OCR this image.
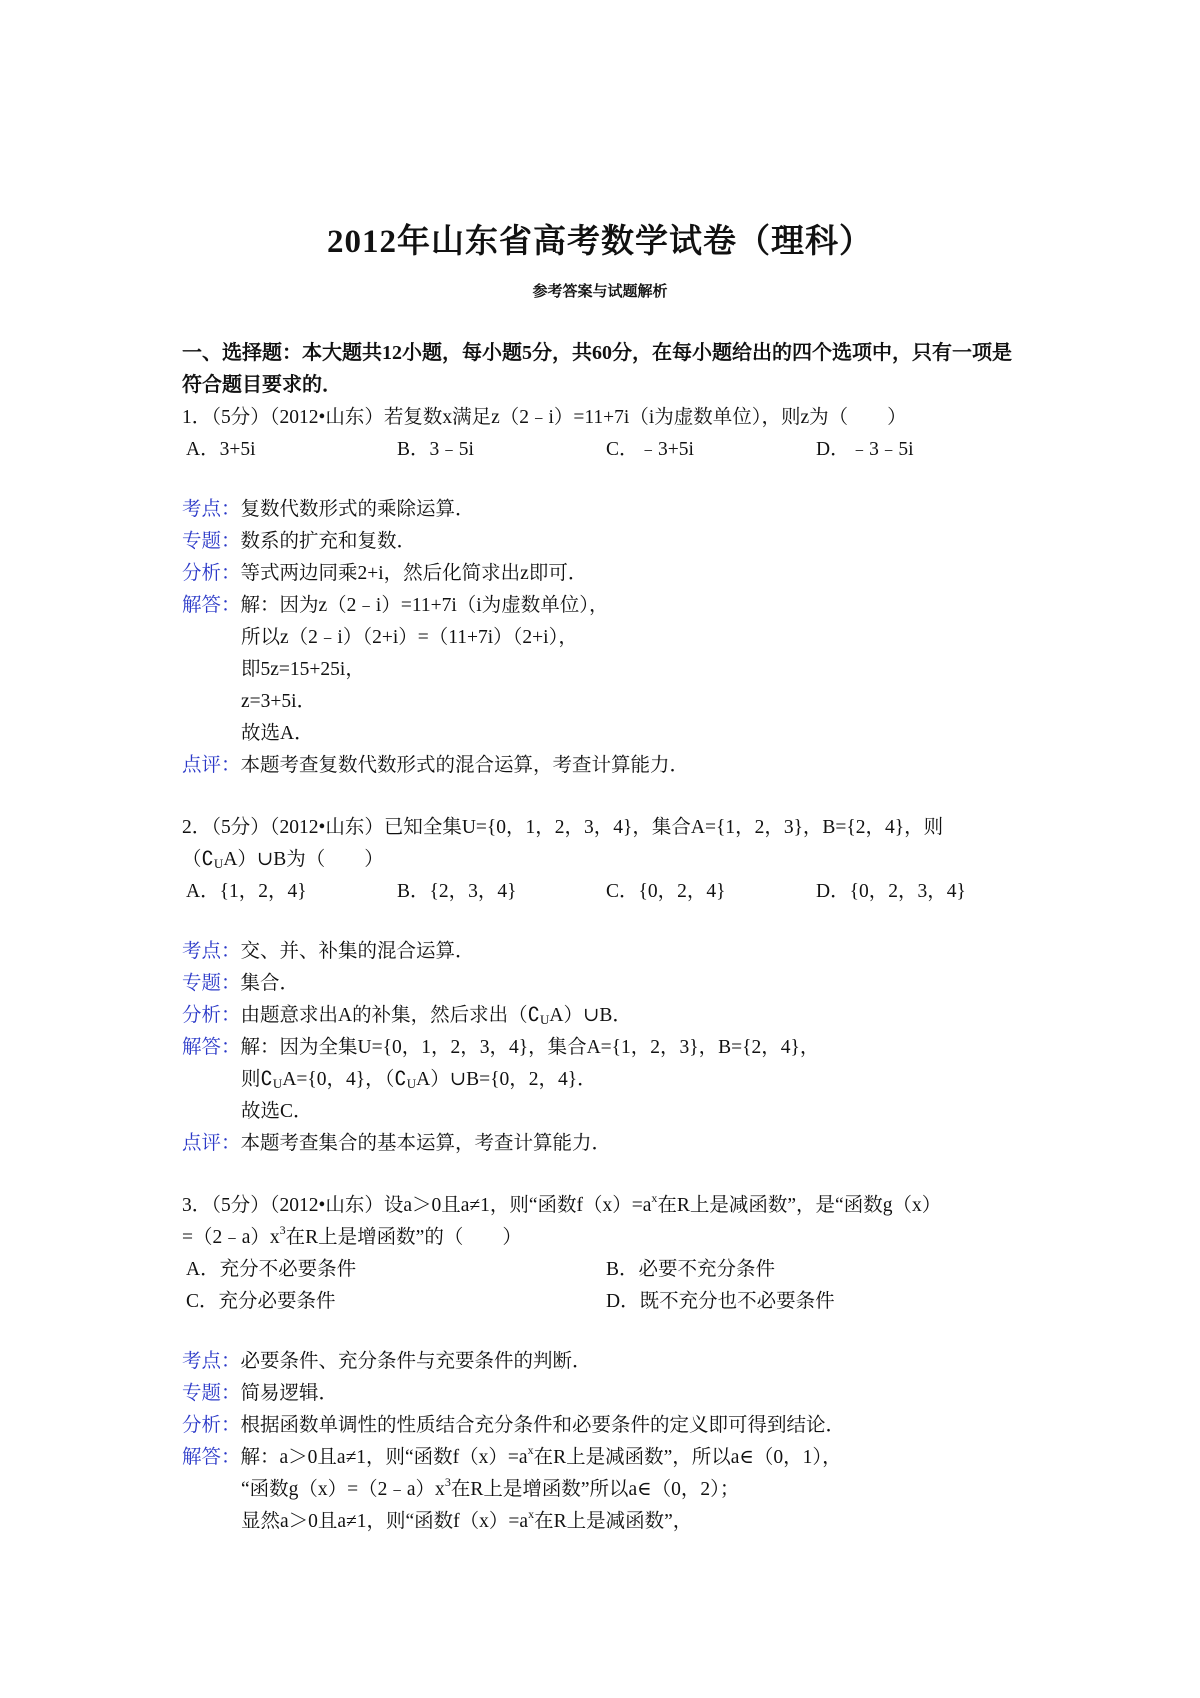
2012年山东省高考数学试卷（理科）
参考答案与试题解析
一、选择题：本大题共12小题，每小题5分，共60分，在每小题给出的四个选项中，只有一项是符合题目要求的．
1．（5分）（2012•山东）若复数x满足z（2﹣i）=11+7i（i为虚数单位），则z为（　　）
A．3+5i	B．3﹣5i	C．﹣3+5i	D．﹣3﹣5i
考点：复数代数形式的乘除运算．
专题：数系的扩充和复数．
分析：等式两边同乘2+i，然后化简求出z即可．
解答：解：因为z（2﹣i）=11+7i（i为虚数单位），
所以z（2﹣i）（2+i）=（11+7i）（2+i），
即5z=15+25i，
z=3+5i．
故选A．
点评：本题考查复数代数形式的混合运算，考查计算能力．
2．（5分）（2012•山东）已知全集U={0，1，2，3，4}，集合A={1，2，3}，B={2，4}，则
$(∁_UA)\cup B$为（　　）
A．{1，2，4}	B．{2，3，4}	C．{0，2，4}	D．{0，2，3，4}
考点：交、并、补集的混合运算．
专题：集合．
分析：由题意求出A的补集，然后求出$(∁_UA)\cup B$．
解答：解：因为全集U={0，1，2，3，4}，集合A={1，2，3}，B={2，4}，
则$∁_UA=\{0$，4}，$(∁_UA)\cup B=\{0$，2，4}．
故选C．
点评：本题考查集合的基本运算，考查计算能力．
3．（5分）（2012•山东）设a＞0且a≠1，则“函数$f(x)=a^x$在R上是减函数”，是“函数g（x）
$=(2﹣a)x^3$在R上是增函数”的（　　）
A．充分不必要条件	B．必要不充分条件
C．充分必要条件	D．既不充分也不必要条件
考点：必要条件、充分条件与充要条件的判断．
专题：简易逻辑．
分析：根据函数单调性的性质结合充分条件和必要条件的定义即可得到结论．
解答：解：a＞0且a≠1，则“函数$f(x)=a^x$在R上是减函数”，所以a∈（0，1），
“函数$g(x)=(2﹣a)x^3$在R上是增函数”所以a∈（0，2）；
显然a＞0且a≠1，则“函数$f(x)=a^x$在R上是减函数”，
